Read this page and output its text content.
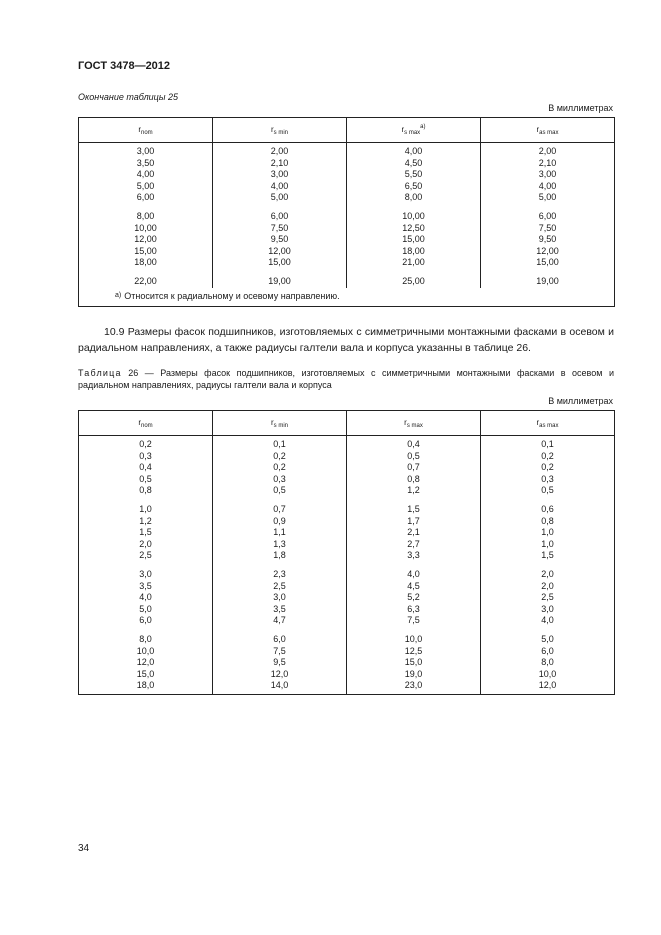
ГОСТ 3478—2012
Окончание таблицы 25
В миллиметрах
$r_{nom}$	$r_{s min}$	$r_{s max}^{a)}$	$r_{as max}$
3,00	2,00	4,00	2,00
3,50	2,10	4,50	2,10
4,00	3,00	5,50	3,00
5,00	4,00	6,50	4,00
6,00	5,00	8,00	5,00
8,00	6,00	10,00	6,00
10,00	7,50	12,50	7,50
12,00	9,50	15,00	9,50
15,00	12,00	18,00	12,00
18,00	15,00	21,00	15,00
22,00	19,00	25,00	19,00
$^{a)}$ Относится к радиальному и осевому направлению.			
10.9 Размеры фасок подшипников, изготовляемых с симметричными монтажными фасками в осевом и радиальном направлениях, а также радиусы галтели вала и корпуса указанны в таблице 26.
Таблица 26 — Размеры фасок подшипников, изготовляемых с симметричными монтажными фасками в осевом и радиальном направлениях, радиусы галтели вала и корпуса
В миллиметрах
$r_{nom}$	$r_{s min}$	$r_{s max}$	$r_{as max}$
0,2	0,1	0,4	0,1
0,3	0,2	0,5	0,2
0,4	0,2	0,7	0,2
0,5	0,3	0,8	0,3
0,8	0,5	1,2	0,5
1,0	0,7	1,5	0,6
1,2	0,9	1,7	0,8
1,5	1,1	2,1	1,0
2,0	1,3	2,7	1,0
2,5	1,8	3,3	1,5
3,0	2,3	4,0	2,0
3,5	2,5	4,5	2,0
4,0	3,0	5,2	2,5
5,0	3,5	6,3	3,0
6,0	4,7	7,5	4,0
8,0	6,0	10,0	5,0
10,0	7,5	12,5	6,0
12,0	9,5	15,0	8,0
15,0	12,0	19,0	10,0
18,0	14,0	23,0	12,0
34
